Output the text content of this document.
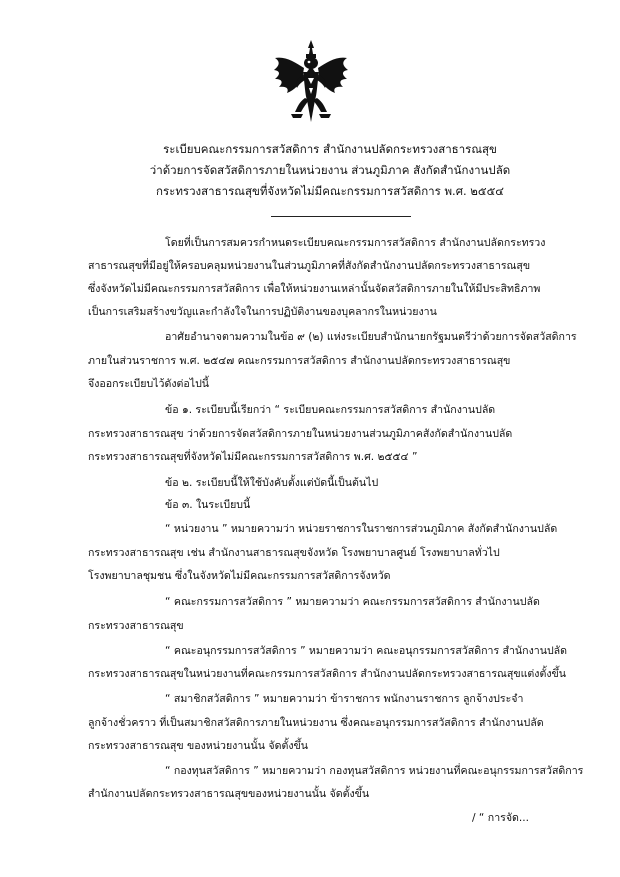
ระเบียบคณะกรรมการสวัสดิการ สำนักงานปลัดกระทรวงสาธารณสุข
ว่าด้วยการจัดสวัสดิการภายในหน่วยงาน ส่วนภูมิภาค สังกัดสำนักงานปลัด
กระทรวงสาธารณสุขที่จังหวัดไม่มีคณะกรรมการสวัสดิการ พ.ศ. ๒๕๕๔
โดยที่เป็นการสมควรกำหนดระเบียบคณะกรรมการสวัสดิการ สำนักงานปลัดกระทรวง
สาธารณสุขที่มีอยู่ให้ครอบคลุมหน่วยงานในส่วนภูมิภาคที่สังกัดสำนักงานปลัดกระทรวงสาธารณสุข
ซึ่งจังหวัดไม่มีคณะกรรมการสวัสดิการ เพื่อให้หน่วยงานเหล่านั้นจัดสวัสดิการภายในให้มีประสิทธิภาพ
เป็นการเสริมสร้างขวัญและกำลังใจในการปฏิบัติงานของบุคลากรในหน่วยงาน
อาศัยอำนาจตามความในข้อ ๙ (๒) แห่งระเบียบสำนักนายกรัฐมนตรีว่าด้วยการจัดสวัสดิการ
ภายในส่วนราชการ พ.ศ. ๒๕๔๗ คณะกรรมการสวัสดิการ สำนักงานปลัดกระทรวงสาธารณสุข
จึงออกระเบียบไว้ดังต่อไปนี้
ข้อ ๑. ระเบียบนี้เรียกว่า “ ระเบียบคณะกรรมการสวัสดิการ สำนักงานปลัด
กระทรวงสาธารณสุข ว่าด้วยการจัดสวัสดิการภายในหน่วยงานส่วนภูมิภาคสังกัดสำนักงานปลัด
กระทรวงสาธารณสุขที่จังหวัดไม่มีคณะกรรมการสวัสดิการ พ.ศ. ๒๕๕๔ ”
ข้อ ๒. ระเบียบนี้ให้ใช้บังคับตั้งแต่บัดนี้เป็นต้นไป
ข้อ ๓. ในระเบียบนี้
“ หน่วยงาน ” หมายความว่า หน่วยราชการในราชการส่วนภูมิภาค สังกัดสำนักงานปลัด
กระทรวงสาธารณสุข เช่น สำนักงานสาธารณสุขจังหวัด โรงพยาบาลศูนย์ โรงพยาบาลทั่วไป
โรงพยาบาลชุมชน ซึ่งในจังหวัดไม่มีคณะกรรมการสวัสดิการจังหวัด
“ คณะกรรมการสวัสดิการ ” หมายความว่า คณะกรรมการสวัสดิการ สำนักงานปลัด
กระทรวงสาธารณสุข
“ คณะอนุกรรมการสวัสดิการ ” หมายความว่า คณะอนุกรรมการสวัสดิการ สำนักงานปลัด
กระทรวงสาธารณสุขในหน่วยงานที่คณะกรรมการสวัสดิการ สำนักงานปลัดกระทรวงสาธารณสุขแต่งตั้งขึ้น
“ สมาชิกสวัสดิการ ” หมายความว่า ข้าราชการ พนักงานราชการ ลูกจ้างประจำ
ลูกจ้างชั่วคราว ที่เป็นสมาชิกสวัสดิการภายในหน่วยงาน ซึ่งคณะอนุกรรมการสวัสดิการ สำนักงานปลัด
กระทรวงสาธารณสุข ของหน่วยงานนั้น จัดตั้งขึ้น
“ กองทุนสวัสดิการ ” หมายความว่า กองทุนสวัสดิการ หน่วยงานที่คณะอนุกรรมการสวัสดิการ
สำนักงานปลัดกระทรวงสาธารณสุขของหน่วยงานนั้น จัดตั้งขึ้น
/ “ การจัด...
